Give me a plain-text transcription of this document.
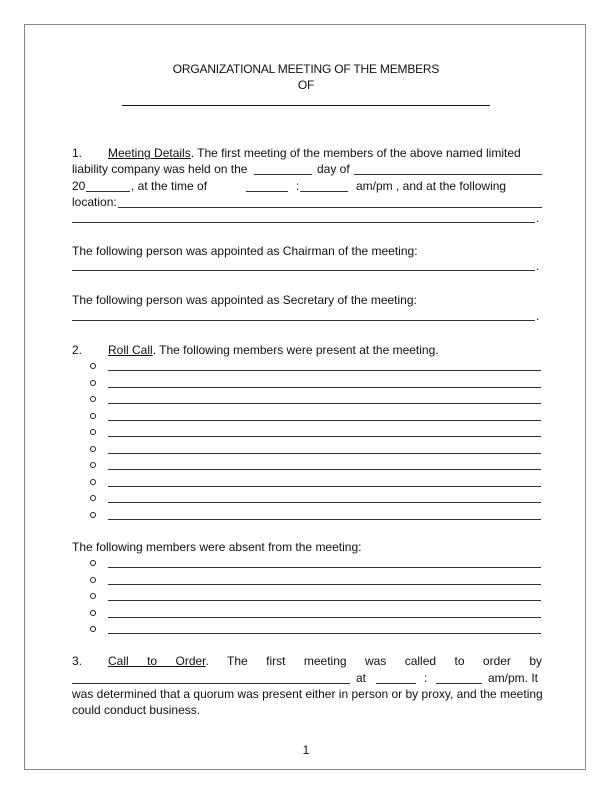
ORGANIZATIONAL MEETING OF THE MEMBERS
OF
1. Meeting Details. The first meeting of the members of the above named limited
liability company was held on the	day of
20	, at the time of	:	am/pm , and at the following
location:
.
The following person was appointed as Chairman of the meeting:
.
The following person was appointed as Secretary of the meeting:
.
2. Roll Call. The following members were present at the meeting.
The following members were absent from the meeting:
3. Call to Order. The first meeting was called to order by
at	:	am/pm. It
was determined that a quorum was present either in person or by proxy, and the meeting
could conduct business.
1
